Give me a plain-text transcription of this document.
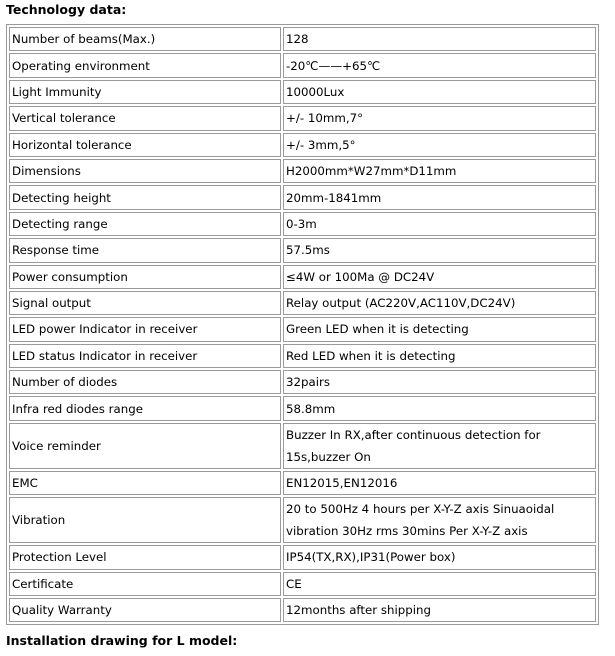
Technology data:
Number of beams(Max.)	128
Operating environment	-20℃——+65℃
Light Immunity	10000Lux
Vertical tolerance	+/- 10mm,7°
Horizontal tolerance	+/- 3mm,5°
Dimensions	H2000mm*W27mm*D11mm
Detecting height	20mm-1841mm
Detecting range	0-3m
Response time	57.5ms
Power consumption	≤4W or 100Ma @ DC24V
Signal output	Relay output (AC220V,AC110V,DC24V)
LED power Indicator in receiver	Green LED when it is detecting
LED status Indicator in receiver	Red LED when it is detecting
Number of diodes	32pairs
Infra red diodes range	58.8mm
Voice reminder	Buzzer In RX,after continuous detection for 15s,buzzer On
EMC	EN12015,EN12016
Vibration	20 to 500Hz 4 hours per X-Y-Z axis Sinuaoidal vibration 30Hz rms 30mins Per X-Y-Z axis
Protection Level	IP54(TX,RX),IP31(Power box)
Certificate	CE
Quality Warranty	12months after shipping
Installation drawing for L model:
